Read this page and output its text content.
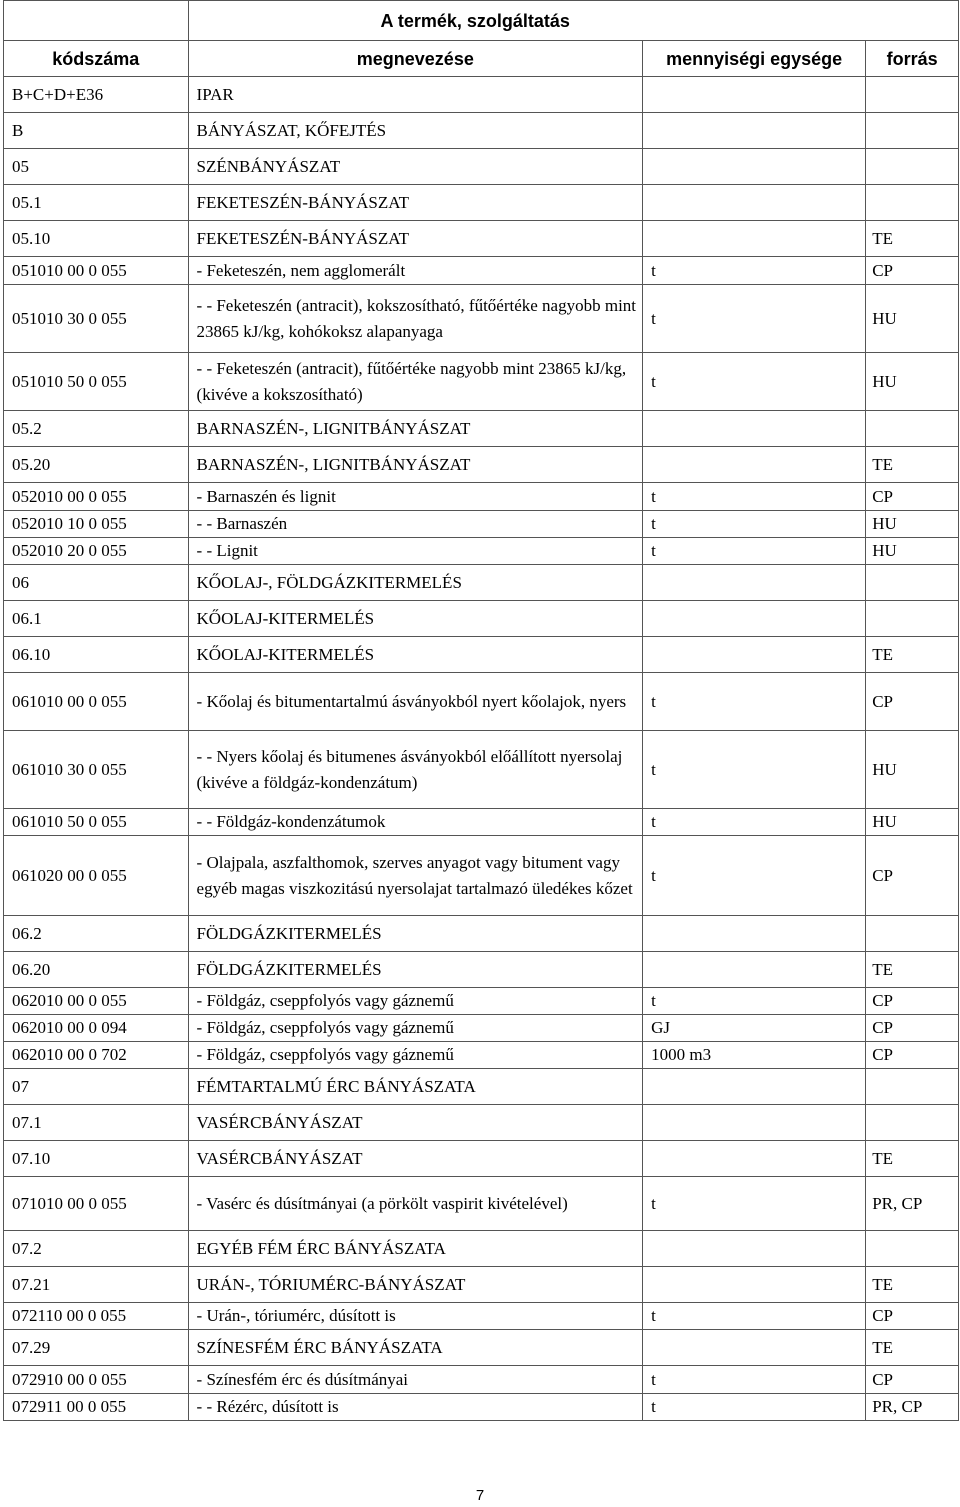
	A termék, szolgáltatás		
kódszáma	megnevezése	mennyiségi egysége	forrás
B+C+D+E36	IPAR		
B	BÁNYÁSZAT, KŐFEJTÉS		
05	SZÉNBÁNYÁSZAT		
05.1	FEKETESZÉN-BÁNYÁSZAT		
05.10	FEKETESZÉN-BÁNYÁSZAT		TE
051010 00 0 055	- Feketeszén, nem agglomerált	t	CP
051010 30 0 055	- - Feketeszén (antracit), kokszosítható, fűtőértéke nagyobb mint 23865 kJ/kg, kohókoksz alapanyaga	t	HU
051010 50 0 055	- - Feketeszén (antracit), fűtőértéke nagyobb mint 23865 kJ/kg,(kivéve a kokszosítható)	t	HU
05.2	BARNASZÉN-, LIGNITBÁNYÁSZAT		
05.20	BARNASZÉN-, LIGNITBÁNYÁSZAT		TE
052010 00 0 055	- Barnaszén és lignit	t	CP
052010 10 0 055	- - Barnaszén	t	HU
052010 20 0 055	- - Lignit	t	HU
06	KŐOLAJ-, FÖLDGÁZKITERMELÉS		
06.1	KŐOLAJ-KITERMELÉS		
06.10	KŐOLAJ-KITERMELÉS		TE
061010 00 0 055	- Kőolaj és bitumentartalmú ásványokból nyert kőolajok, nyers	t	CP
061010 30 0 055	- - Nyers kőolaj és bitumenes ásványokból előállított nyersolaj (kivéve a földgáz-kondenzátum)	t	HU
061010 50 0 055	- - Földgáz-kondenzátumok	t	HU
061020 00 0 055	- Olajpala, aszfalthomok, szerves anyagot vagy bitument vagy egyéb magas viszkozitású nyersolajat tartalmazó üledékes kőzet	t	CP
06.2	FÖLDGÁZKITERMELÉS		
06.20	FÖLDGÁZKITERMELÉS		TE
062010 00 0 055	- Földgáz, cseppfolyós vagy gáznemű	t	CP
062010 00 0 094	- Földgáz, cseppfolyós vagy gáznemű	GJ	CP
062010 00 0 702	- Földgáz, cseppfolyós vagy gáznemű	1000 m3	CP
07	FÉMTARTALMÚ ÉRC BÁNYÁSZATA		
07.1	VASÉRCBÁNYÁSZAT		
07.10	VASÉRCBÁNYÁSZAT		TE
071010 00 0 055	- Vasérc és dúsítmányai (a pörkölt vaspirit kivételével)	t	PR, CP
07.2	EGYÉB FÉM ÉRC BÁNYÁSZATA		
07.21	URÁN-, TÓRIUMÉRC-BÁNYÁSZAT		TE
072110 00 0 055	- Urán-, tóriumérc, dúsított is	t	CP
07.29	SZÍNESFÉM ÉRC BÁNYÁSZATA		TE
072910 00 0 055	- Színesfém érc és dúsítmányai	t	CP
072911 00 0 055	- - Rézérc, dúsított is	t	PR, CP
7
